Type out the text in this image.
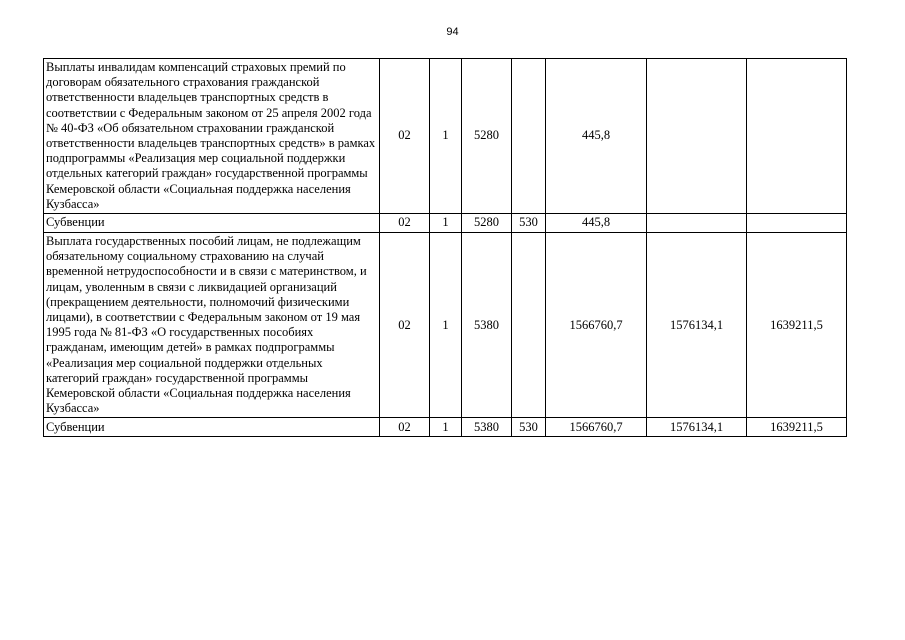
94
Выплаты инвалидам компенсаций страховых премий по договорам обязательного страхования гражданской ответственности владельцев транспортных средств в соответствии с Федеральным законом от 25 апреля 2002 года № 40-ФЗ «Об обязательном страховании гражданской ответственности владельцев транспортных средств» в рамках подпрограммы «Реализация мер социальной поддержки отдельных категорий граждан» государственной программы Кемеровской области «Социальная поддержка населения Кузбасса»	02	1	5280		445,8		
Субвенции	02	1	5280	530	445,8		
Выплата государственных пособий лицам, не подлежащим обязательному социальному страхованию на случай временной нетрудоспособности и в связи с материнством, и лицам, уволенным в связи с ликвидацией организаций (прекращением деятельности, полномочий физическими лицами), в соответствии с Федеральным законом от 19 мая 1995 года № 81-ФЗ «О государственных пособиях гражданам, имеющим детей» в рамках подпрограммы «Реализация мер социальной поддержки отдельных категорий граждан» государственной программы Кемеровской области «Социальная поддержка населения Кузбасса»	02	1	5380		1566760,7	1576134,1	1639211,5
Субвенции	02	1	5380	530	1566760,7	1576134,1	1639211,5
